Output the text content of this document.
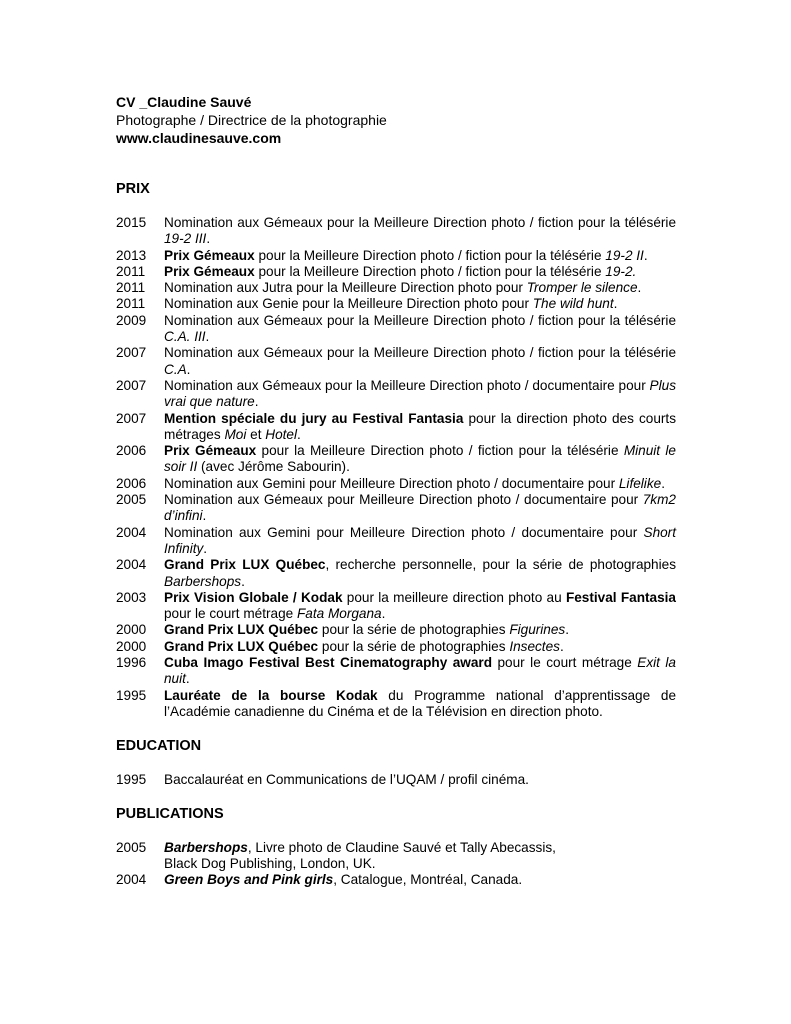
CV _Claudine Sauvé
Photographe / Directrice de la photographie
www.claudinesauve.com
PRIX
2015	Nomination aux Gémeaux pour la Meilleure Direction photo / fiction pour la télésérie 19-2 III.
2013	Prix Gémeaux pour la Meilleure Direction photo / fiction pour la télésérie 19-2 II.
2011	Prix Gémeaux pour la Meilleure Direction photo / fiction pour la télésérie 19-2.
2011	Nomination aux Jutra pour la Meilleure Direction photo pour Tromper le silence.
2011	Nomination aux Genie pour la Meilleure Direction photo pour The wild hunt.
2009	Nomination aux Gémeaux pour la Meilleure Direction photo / fiction pour la télésérie C.A. III.
2007	Nomination aux Gémeaux pour la Meilleure Direction photo / fiction pour la télésérie C.A.
2007	Nomination aux Gémeaux pour la Meilleure Direction photo / documentaire pour Plus vrai que nature.
2007	Mention spéciale du jury au Festival Fantasia pour la direction photo des courts métrages Moi et Hotel.
2006	Prix Gémeaux pour la Meilleure Direction photo / fiction pour la télésérie Minuit le soir II (avec Jérôme Sabourin).
2006	Nomination aux Gemini pour Meilleure Direction photo / documentaire pour Lifelike.
2005	Nomination aux Gémeaux pour Meilleure Direction photo / documentaire pour 7km2 d’infini.
2004	Nomination aux Gemini pour Meilleure Direction photo / documentaire pour Short Infinity.
2004	Grand Prix LUX Québec, recherche personnelle, pour la série de photographies Barbershops.
2003	Prix Vision Globale / Kodak pour la meilleure direction photo au Festival Fantasia pour le court métrage Fata Morgana.
2000	Grand Prix LUX Québec pour la série de photographies Figurines.
2000	Grand Prix LUX Québec pour la série de photographies Insectes.
1996	Cuba Imago Festival Best Cinematography award pour le court métrage Exit la nuit.
1995	Lauréate de la bourse Kodak du Programme national d’apprentissage de l’Académie canadienne du Cinéma et de la Télévision en direction photo.
EDUCATION
1995	Baccalauréat en Communications de l’UQAM / profil cinéma.
PUBLICATIONS
2005	Barbershops, Livre photo de Claudine Sauvé et Tally Abecassis,
Black Dog Publishing, London, UK.
2004	Green Boys and Pink girls, Catalogue, Montréal, Canada.
